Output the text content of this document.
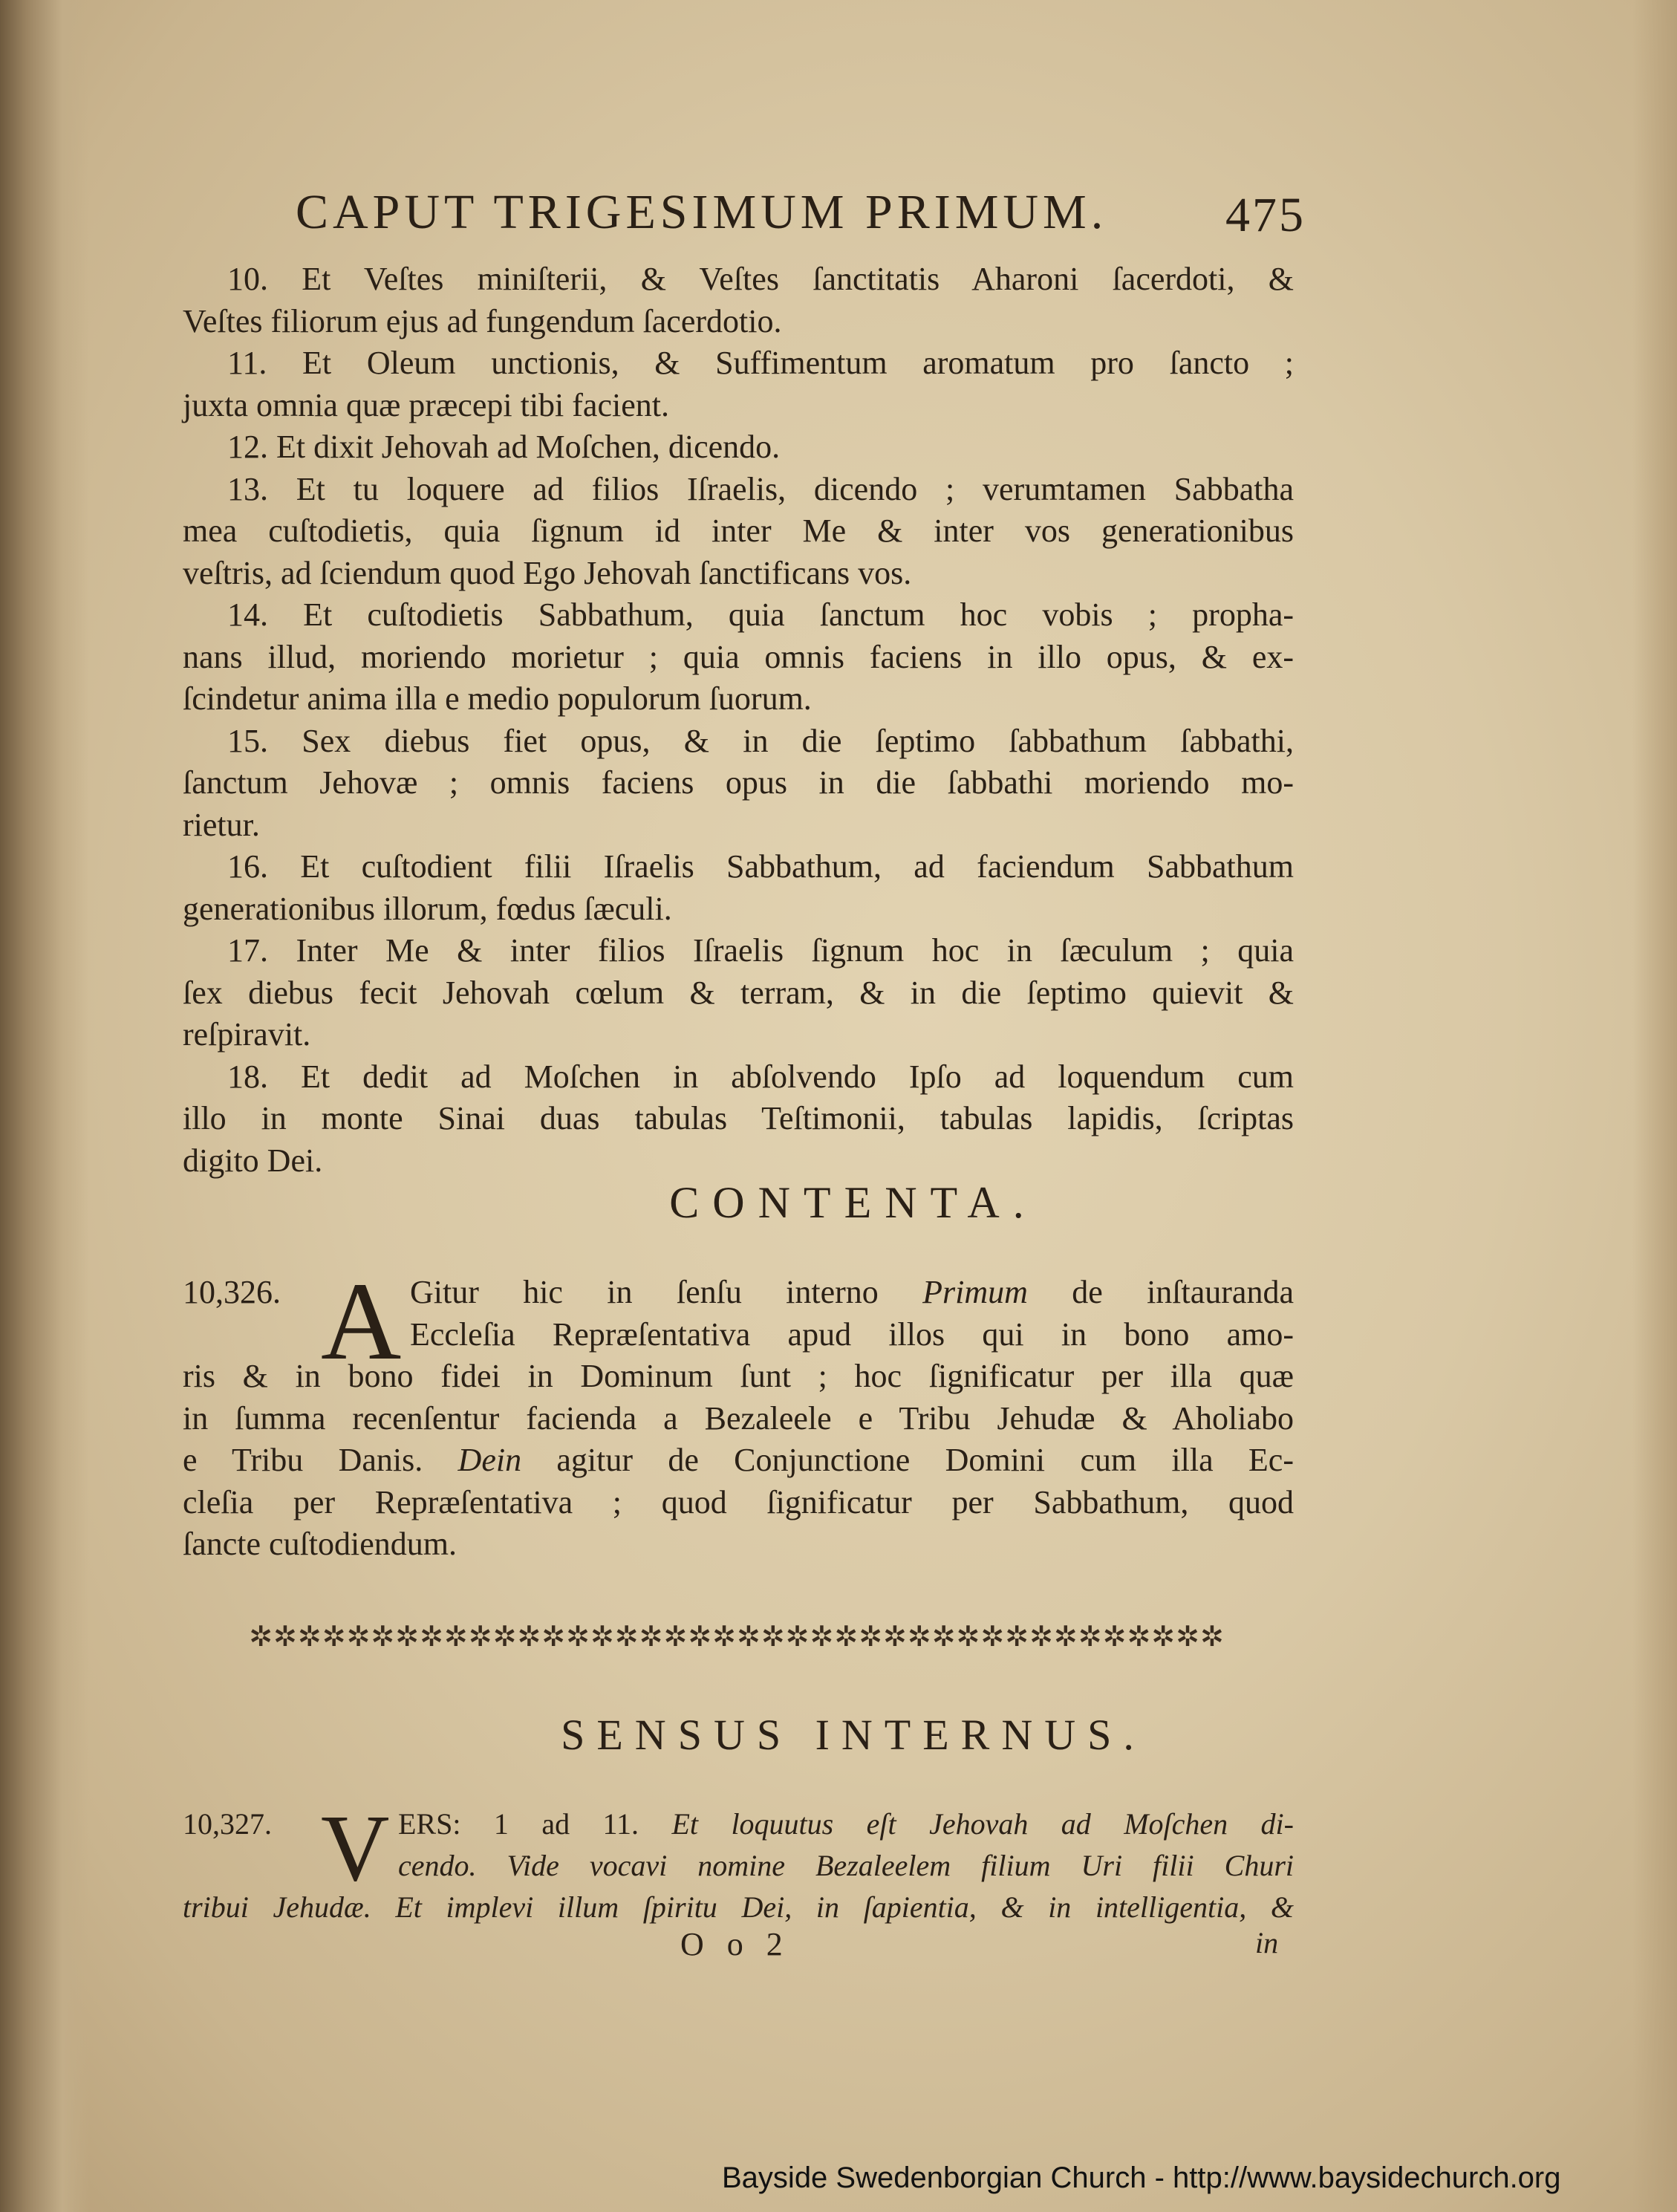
CAPUT TRIGESIMUM PRIMUM. 475
10. Et Veſtes miniſterii, & Veſtes ſanctitatis Aharoni ſacerdoti, &
Veſtes filiorum ejus ad fungendum ſacerdotio.
11. Et Oleum unctionis, & Suffimentum aromatum pro ſancto ;
juxta omnia quæ præcepi tibi facient.
12. Et dixit Jehovah ad Moſchen, dicendo.
13. Et tu loquere ad filios Iſraelis, dicendo ; verumtamen Sabbatha
mea cuſtodietis, quia ſignum id inter Me & inter vos generationibus
veſtris, ad ſciendum quod Ego Jehovah ſanctificans vos.
14. Et cuſtodietis Sabbathum, quia ſanctum hoc vobis ; propha-
nans illud, moriendo morietur ; quia omnis faciens in illo opus, & ex-
ſcindetur anima illa e medio populorum ſuorum.
15. Sex diebus fiet opus, & in die ſeptimo ſabbathum ſabbathi,
ſanctum Jehovæ ; omnis faciens opus in die ſabbathi moriendo mo-
rietur.
16. Et cuſtodient filii Iſraelis Sabbathum, ad faciendum Sabbathum
generationibus illorum, fœdus ſæculi.
17. Inter Me & inter filios Iſraelis ſignum hoc in ſæculum ; quia
ſex diebus fecit Jehovah cœlum & terram, & in die ſeptimo quievit &
reſpiravit.
18. Et dedit ad Moſchen in abſolvendo Ipſo ad loquendum cum
illo in monte Sinai duas tabulas Teſtimonii, tabulas lapidis, ſcriptas
digito Dei.
CONTENTA.
10,326. A Gitur hic in ſenſu interno Primum de inſtauranda
Eccleſia Repræſentativa apud illos qui in bono amo-
ris & in bono fidei in Dominum ſunt ; hoc ſignificatur per illa quæ
in ſumma recenſentur facienda a Bezaleele e Tribu Jehudæ & Aholiabo
e Tribu Danis. Dein agitur de Conjunctione Domini cum illa Ec-
cleſia per Repræſentativa ; quod ſignificatur per Sabbathum, quod
ſancte cuſtodiendum.
✲✲✲✲✲✲✲✲✲✲✲✲✲✲✲✲✲✲✲✲✲✲✲✲✲✲✲✲✲✲✲✲✲✲✲✲✲✲✲✲
SENSUS INTERNUS.
10,327. V ERS: 1 ad 11. Et loquutus eſt Jehovah ad Moſchen di-
cendo. Vide vocavi nomine Bezaleelem filium Uri filii Churi
tribui Jehudæ. Et implevi illum ſpiritu Dei, in ſapientia, & in intelligentia, &
O o 2	in
Bayside Swedenborgian Church - http://www.baysidechurch.org
